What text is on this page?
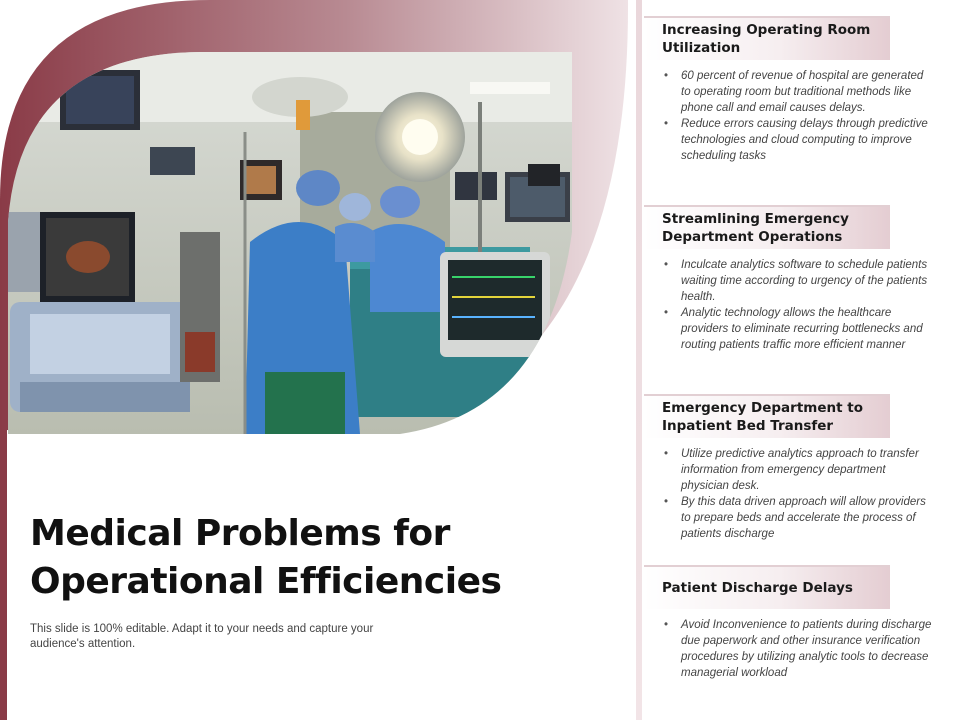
Medical Problems for
Operational Efficiencies

This slide is 100% editable. Adapt it to your needs and capture your audience's attention.

Increasing Operating Room Utilization
• 60 percent of revenue of hospital are generated to operating room but traditional methods like phone call and email causes delays.
• Reduce errors causing delays through predictive technologies and cloud computing to improve scheduling tasks
Streamlining Emergency Department Operations
• Inculcate analytics software to schedule patients waiting time according to urgency of the patients health.
• Analytic technology allows the healthcare providers to eliminate recurring bottlenecks and routing patients traffic more efficient manner
Emergency Department to Inpatient Bed Transfer
• Utilize predictive analytics approach to transfer information from emergency department physician desk.
• By this data driven approach will allow providers to prepare beds and accelerate the process of patients discharge
Patient Discharge Delays
• Avoid Inconvenience to patients during discharge due paperwork and other insurance verification procedures by utilizing analytic tools to decrease managerial workload
